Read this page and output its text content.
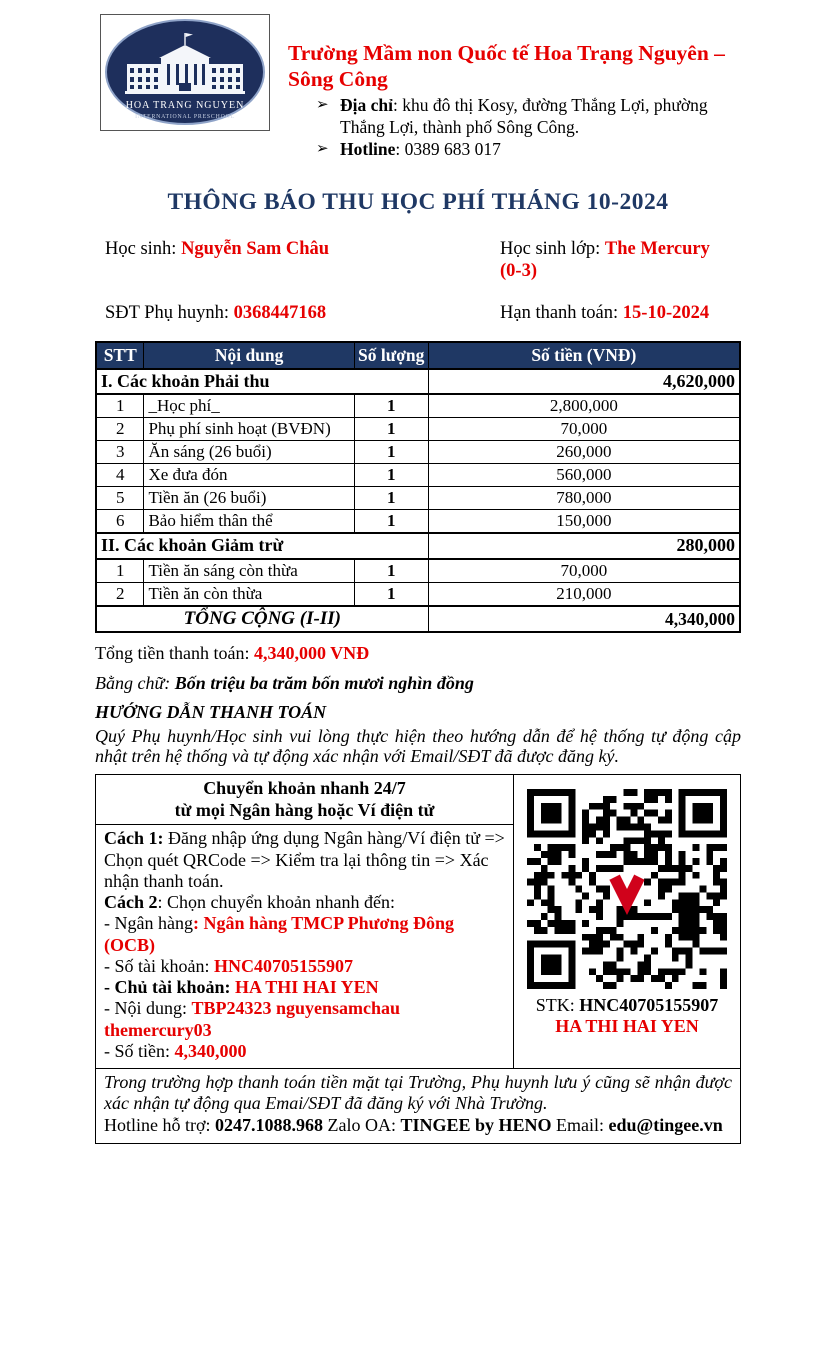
HOA TRANG NGUYEN
INTERNATIONAL PRESCHOOL
Trường Mầm non Quốc tế Hoa Trạng Nguyên – Sông Công
➢ Địa chỉ: khu đô thị Kosy, đường Thắng Lợi, phường Thắng Lợi, thành phố Sông Công.
➢ Hotline: 0389 683 017
THÔNG BÁO THU HỌC PHÍ THÁNG 10-2024
Học sinh: Nguyễn Sam Châu	Học sinh lớp: The Mercury (0-3)
SĐT Phụ huynh: 0368447168	Hạn thanh toán: 15-10-2024
STT	Nội dung	Số lượng	Số tiền (VNĐ)
I. Các khoản Phải thu			4,620,000
1	_Học phí_	1	2,800,000
2	Phụ phí sinh hoạt (BVĐN)	1	70,000
3	Ăn sáng (26 buổi)	1	260,000
4	Xe đưa đón	1	560,000
5	Tiền ăn (26 buổi)	1	780,000
6	Bảo hiểm thân thể	1	150,000
II. Các khoản Giảm trừ			280,000
1	Tiền ăn sáng còn thừa	1	70,000
2	Tiền ăn còn thừa	1	210,000
TỔNG CỘNG (I-II)			4,340,000
Tổng tiền thanh toán: 4,340,000 VNĐ
Bằng chữ: Bốn triệu ba trăm bốn mươi nghìn đồng
HƯỚNG DẪN THANH TOÁN
Quý Phụ huynh/Học sinh vui lòng thực hiện theo hướng dẫn để hệ thống tự động cập nhật trên hệ thống và tự động xác nhận với Email/SĐT đã được đăng ký.
Chuyển khoản nhanh 24/7
từ mọi Ngân hàng hoặc Ví điện tử
Cách 1: Đăng nhập ứng dụng Ngân hàng/Ví điện tử => Chọn quét QRCode => Kiểm tra lại thông tin => Xác nhận thanh toán.
Cách 2: Chọn chuyển khoản nhanh đến:
- Ngân hàng: Ngân hàng TMCP Phương Đông (OCB)
- Số tài khoản: HNC40705155907
- Chủ tài khoản: HA THI HAI YEN
- Nội dung: TBP24323 nguyensamchau themercury03
- Số tiền: 4,340,000
STK: HNC40705155907
HA THI HAI YEN
Trong trường hợp thanh toán tiền mặt tại Trường, Phụ huynh lưu ý cũng sẽ nhận được xác nhận tự động qua Emai/SĐT đã đăng ký với Nhà Trường.
Hotline hỗ trợ: 0247.1088.968 Zalo OA: TINGEE by HENO Email: edu@tingee.vn
